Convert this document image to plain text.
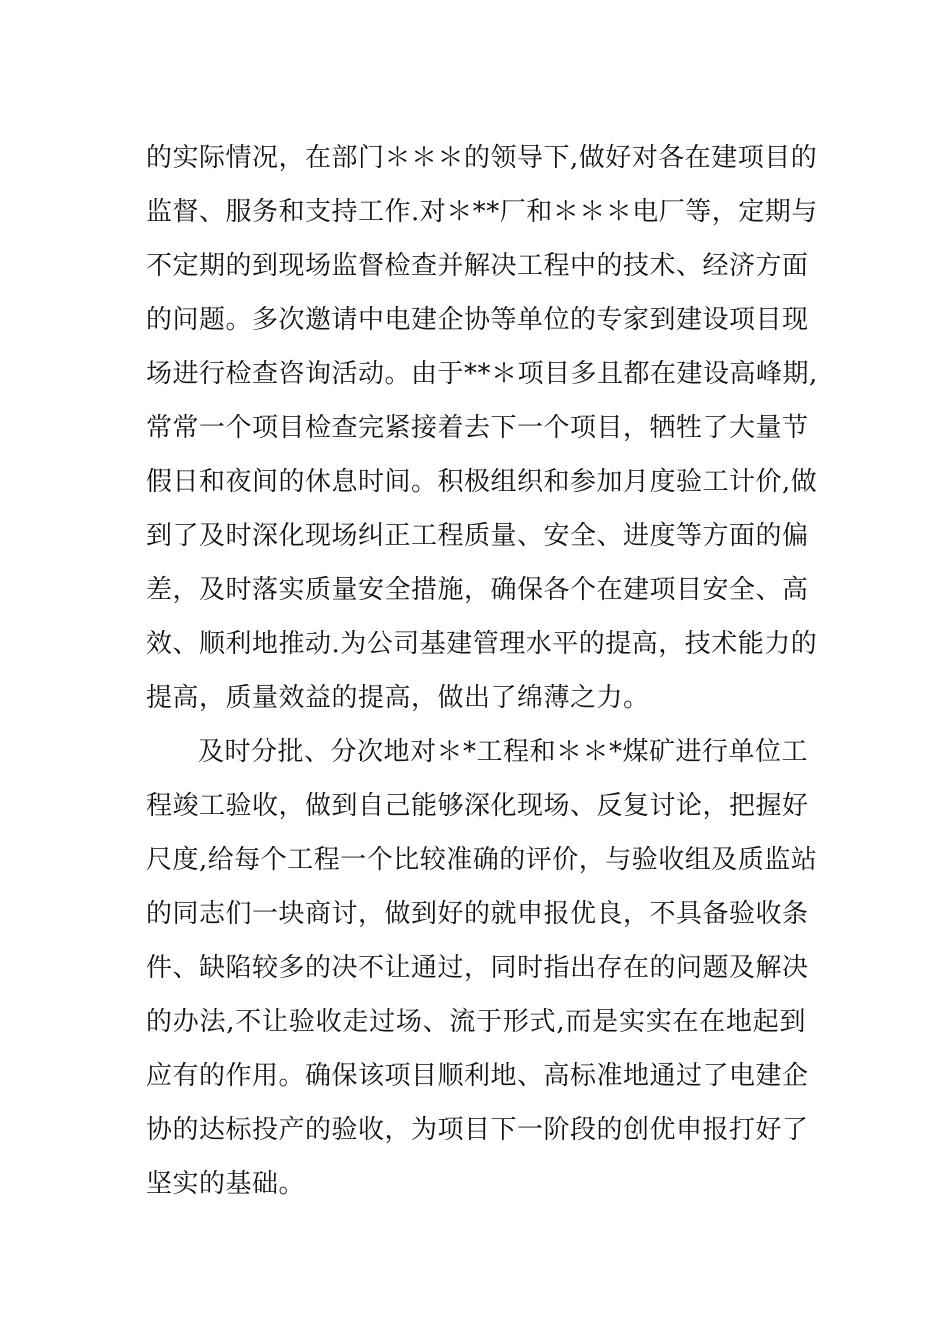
的实际情况，在部门＊＊＊的领导下,做好对各在建项目的
监督、服务和支持工作.对＊**厂和＊＊＊电厂等，定期与
不定期的到现场监督检查并解决工程中的技术、经济方面
的问题。多次邀请中电建企协等单位的专家到建设项目现
场进行检查咨询活动。由于**＊项目多且都在建设高峰期,
常常一个项目检查完紧接着去下一个项目，牺牲了大量节
假日和夜间的休息时间。积极组织和参加月度验工计价,做
到了及时深化现场纠正工程质量、安全、进度等方面的偏
差，及时落实质量安全措施，确保各个在建项目安全、高
效、顺利地推动.为公司基建管理水平的提高，技术能力的
提高，质量效益的提高，做出了绵薄之力。
及时分批、分次地对＊*工程和＊＊*煤矿进行单位工
程竣工验收，做到自己能够深化现场、反复讨论，把握好
尺度,给每个工程一个比较准确的评价，与验收组及质监站
的同志们一块商讨，做到好的就申报优良，不具备验收条
件、缺陷较多的决不让通过，同时指出存在的问题及解决
的办法,不让验收走过场、流于形式,而是实实在在地起到
应有的作用。确保该项目顺利地、高标准地通过了电建企
协的达标投产的验收，为项目下一阶段的创优申报打好了
坚实的基础。
